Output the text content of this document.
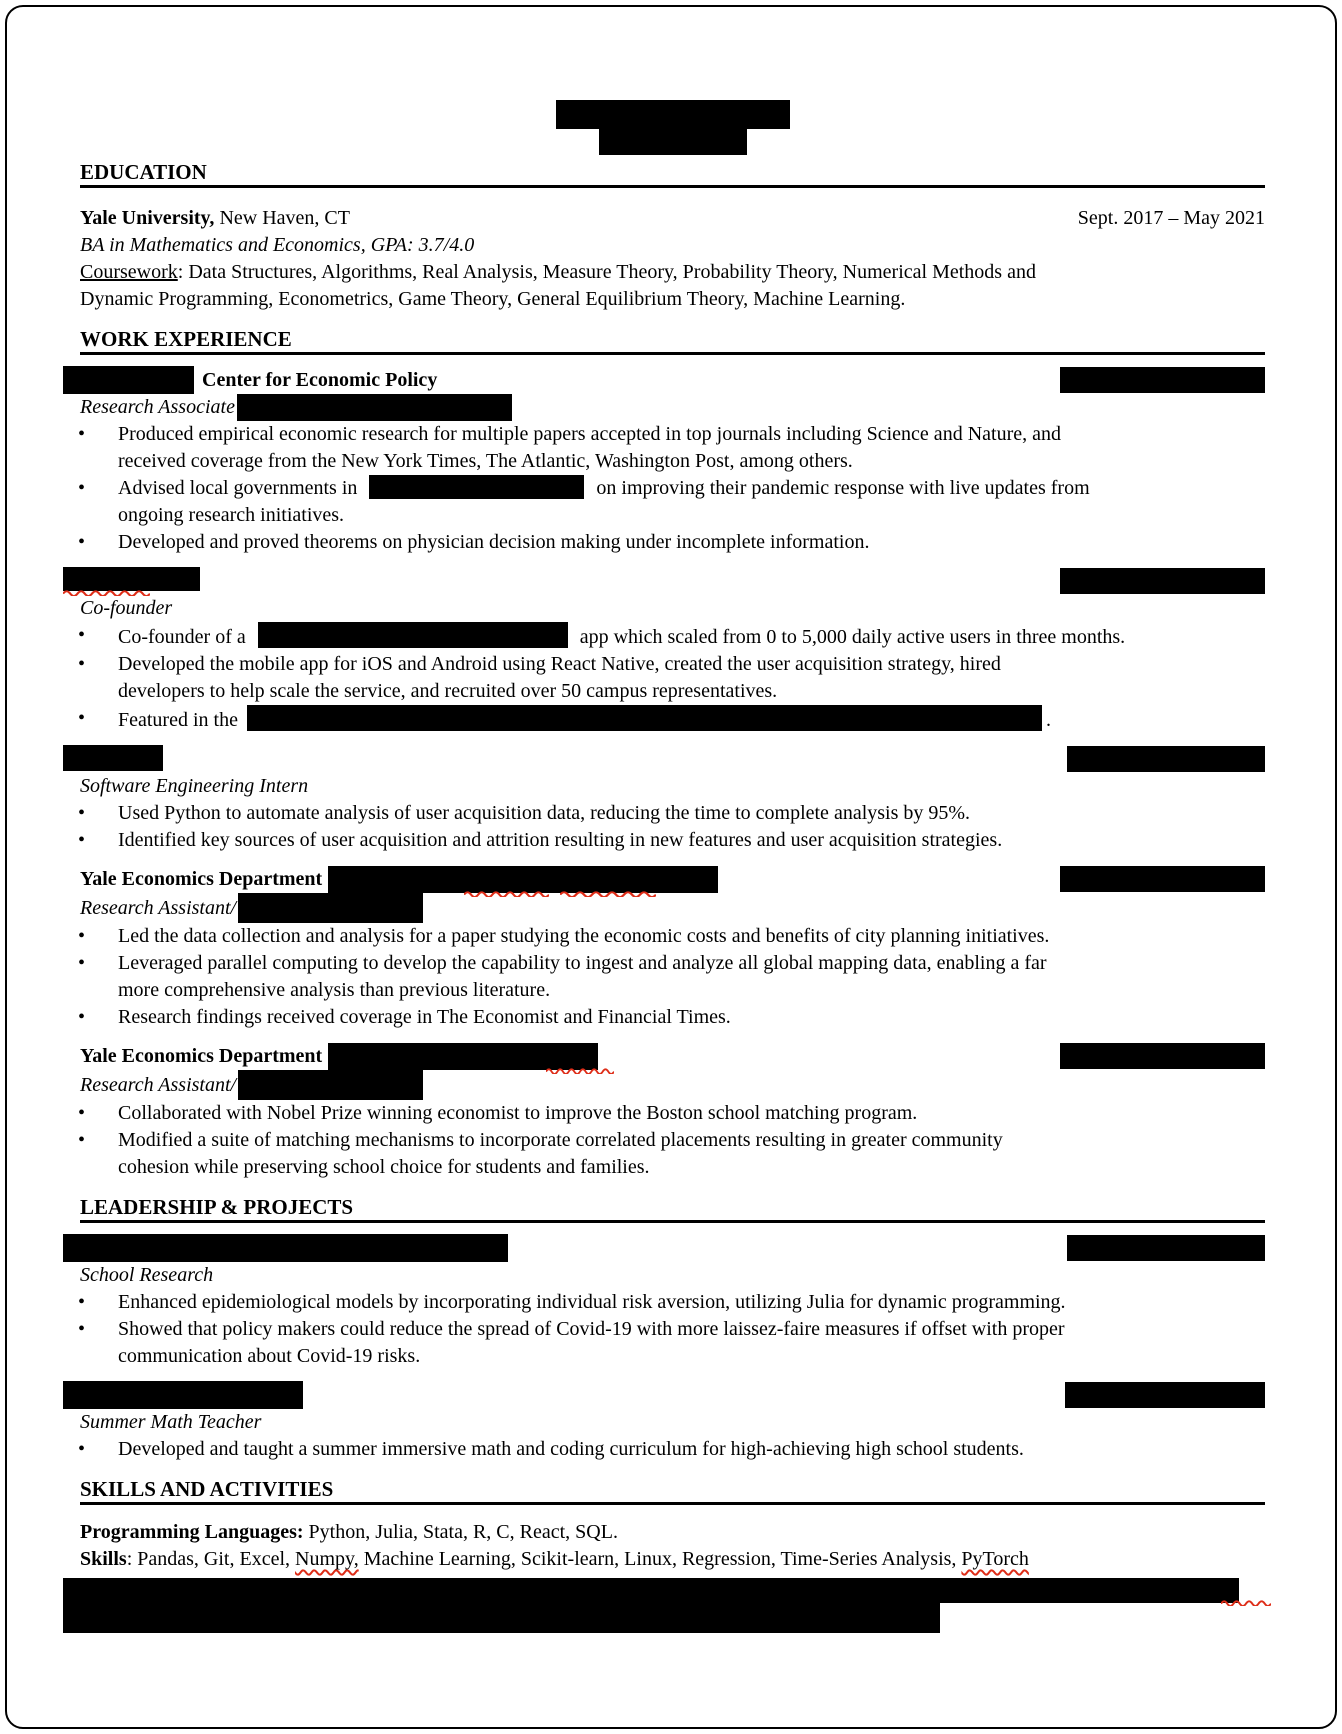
EDUCATION
Yale University, New Haven, CT	Sept. 2017 – May 2021
BA in Mathematics and Economics, GPA: 3.7/4.0
Coursework: Data Structures, Algorithms, Real Analysis, Measure Theory, Probability Theory, Numerical Methods and
Dynamic Programming, Econometrics, Game Theory, General Equilibrium Theory, Machine Learning.
WORK EXPERIENCE
Center for Economic Policy
Research Associate
• Produced empirical economic research for multiple papers accepted in top journals including Science and Nature, and
received coverage from the New York Times, The Atlantic, Washington Post, among others.
• Advised local governments in	on improving their pandemic response with live updates from
ongoing research initiatives.
• Developed and proved theorems on physician decision making under incomplete information.
Co-founder
• Co-founder of a	app which scaled from 0 to 5,000 daily active users in three months.
• Developed the mobile app for iOS and Android using React Native, created the user acquisition strategy, hired
developers to help scale the service, and recruited over 50 campus representatives.
• Featured in the	.
Software Engineering Intern
• Used Python to automate analysis of user acquisition data, reducing the time to complete analysis by 95%.
• Identified key sources of user acquisition and attrition resulting in new features and user acquisition strategies.
Yale Economics Department
Research Assistant/
• Led the data collection and analysis for a paper studying the economic costs and benefits of city planning initiatives.
• Leveraged parallel computing to develop the capability to ingest and analyze all global mapping data, enabling a far
more comprehensive analysis than previous literature.
• Research findings received coverage in The Economist and Financial Times.
Yale Economics Department
Research Assistant/
• Collaborated with Nobel Prize winning economist to improve the Boston school matching program.
• Modified a suite of matching mechanisms to incorporate correlated placements resulting in greater community
cohesion while preserving school choice for students and families.
LEADERSHIP & PROJECTS
School Research
• Enhanced epidemiological models by incorporating individual risk aversion, utilizing Julia for dynamic programming.
• Showed that policy makers could reduce the spread of Covid-19 with more laissez-faire measures if offset with proper
communication about Covid-19 risks.
Summer Math Teacher
• Developed and taught a summer immersive math and coding curriculum for high-achieving high school students.
SKILLS AND ACTIVITIES
Programming Languages: Python, Julia, Stata, R, C, React, SQL.
Skills: Pandas, Git, Excel, Numpy, Machine Learning, Scikit-learn, Linux, Regression, Time-Series Analysis, PyTorch
